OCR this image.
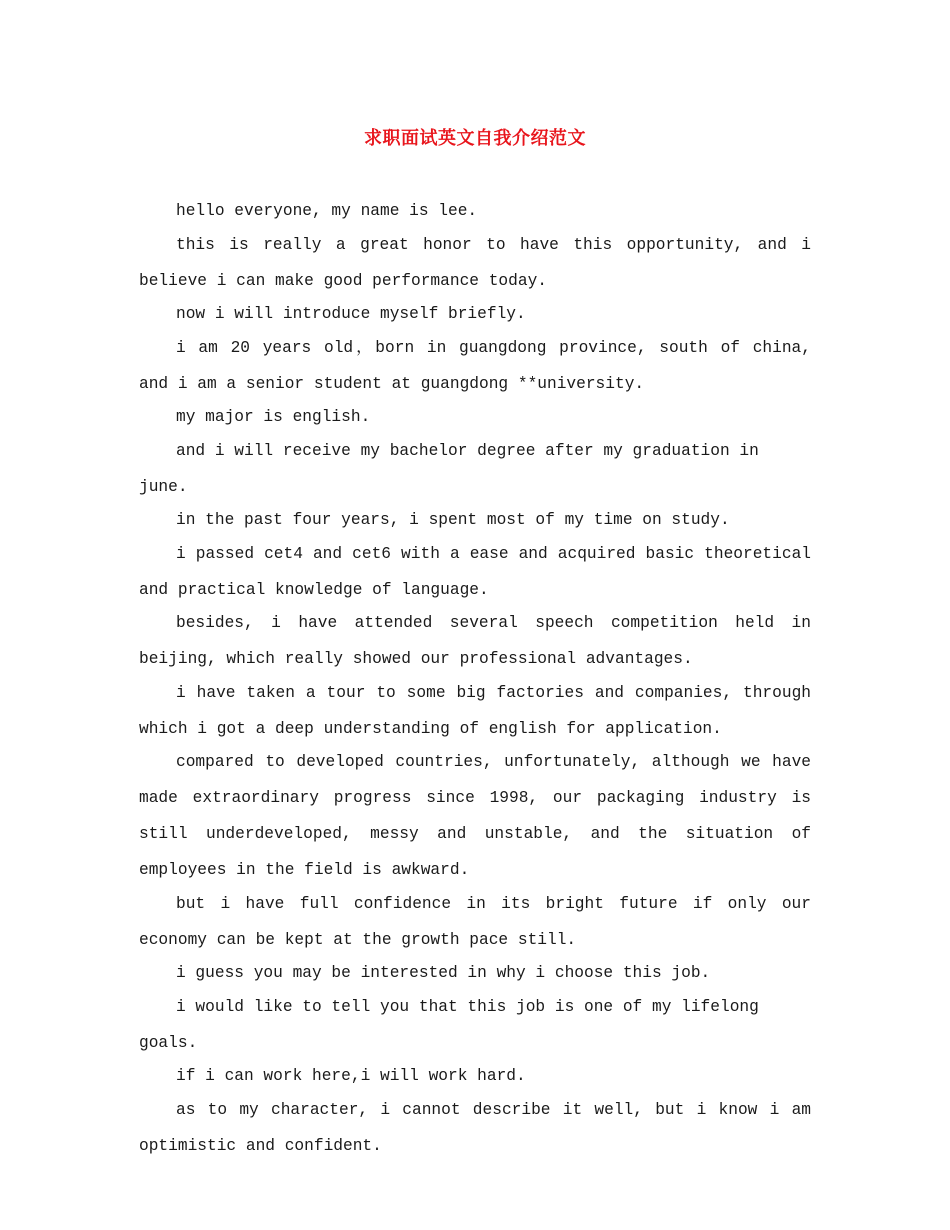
求职面试英文自我介绍范文

hello everyone, my name is lee.

this is really a great honor to have this opportunity, and i believe i can make good performance today.

now i will introduce myself briefly.

i am 20 years old，born in guangdong province, south of china, and i am a senior student at guangdong **university.

my major is english.

and i will receive my bachelor degree after my graduation in june.

in the past four years, i spent most of my time on study.

i passed cet4 and cet6 with a ease and acquired basic theoretical and practical knowledge of language.

besides, i have attended several speech competition held in beijing, which really showed our professional advantages.

i have taken a tour to some big factories and companies, through which i got a deep understanding of english for application.

compared to developed countries, unfortunately, although we have made extraordinary progress since 1998, our packaging industry is still underdeveloped, messy and unstable, and the situation of employees in the field is awkward.

but i have full confidence in its bright future if only our economy can be kept at the growth pace still.

i guess you may be interested in why i choose this job.

i would like to tell you that this job is one of my lifelong goals.

if i can work here,i will work hard.

as to my character, i cannot describe it well, but i know i am optimistic and confident.
